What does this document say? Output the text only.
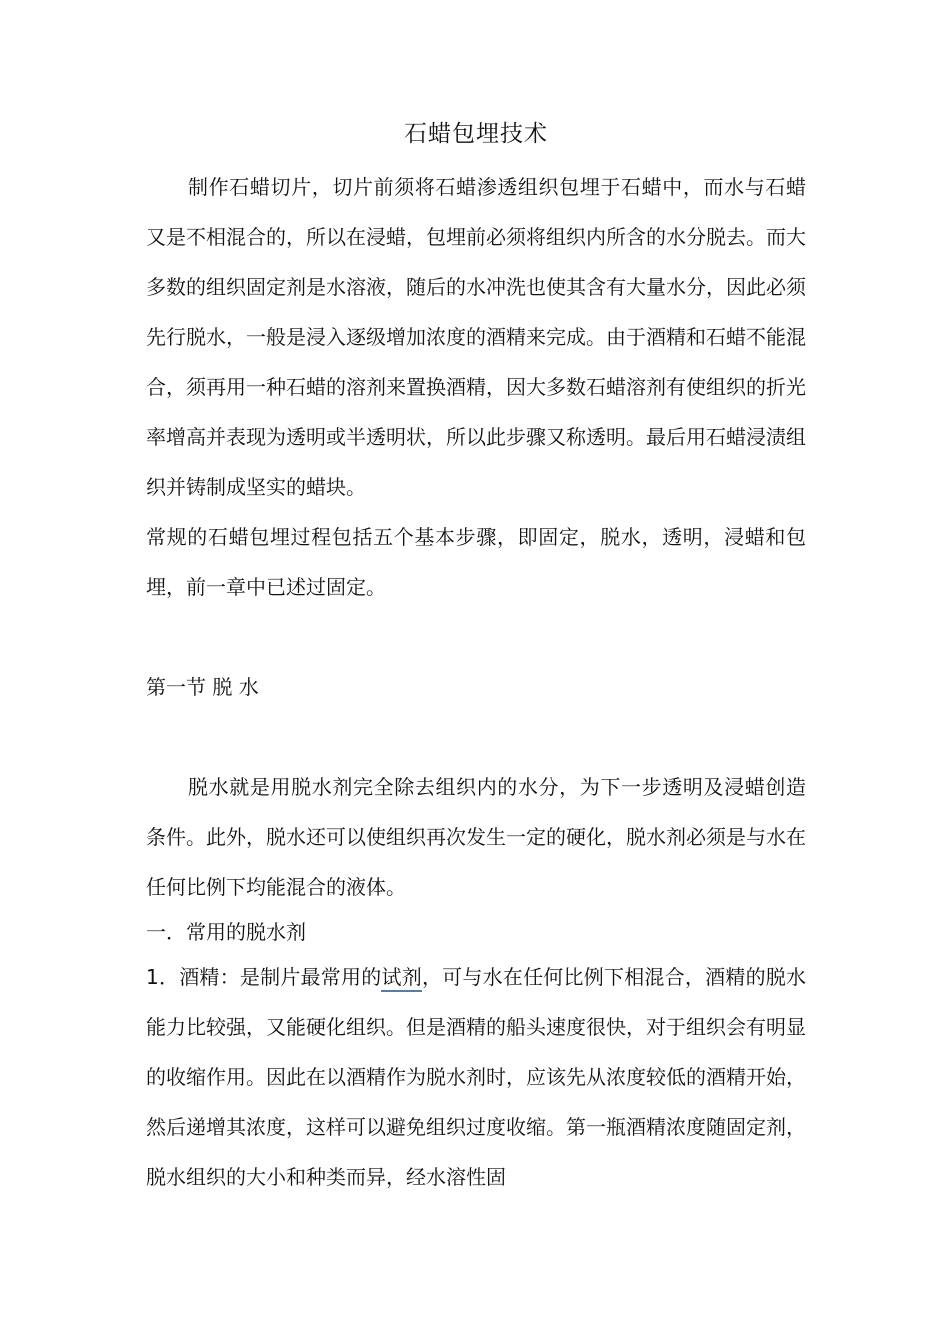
石蜡包埋技术

制作石蜡切片，切片前须将石蜡渗透组织包埋于石蜡中，而水与石蜡又是不相混合的，所以在浸蜡，包埋前必须将组织内所含的水分脱去。而大多数的组织固定剂是水溶液，随后的水冲洗也使其含有大量水分，因此必须先行脱水，一般是浸入逐级增加浓度的酒精来完成。由于酒精和石蜡不能混合，须再用一种石蜡的溶剂来置换酒精，因大多数石蜡溶剂有使组织的折光率增高并表现为透明或半透明状，所以此步骤又称透明。最后用石蜡浸渍组织并铸制成坚实的蜡块。

常规的石蜡包埋过程包括五个基本步骤，即固定，脱水，透明，浸蜡和包埋，前一章中已述过固定。

第一节 脱 水

脱水就是用脱水剂完全除去组织内的水分，为下一步透明及浸蜡创造条件。此外，脱水还可以使组织再次发生一定的硬化，脱水剂必须是与水在任何比例下均能混合的液体。

一．常用的脱水剂

1．酒精：是制片最常用的试剂，可与水在任何比例下相混合，酒精的脱水能力比较强，又能硬化组织。但是酒精的船头速度很快，对于组织会有明显的收缩作用。因此在以酒精作为脱水剂时，应该先从浓度较低的酒精开始，然后递增其浓度，这样可以避免组织过度收缩。第一瓶酒精浓度随固定剂，脱水组织的大小和种类而异，经水溶性固
